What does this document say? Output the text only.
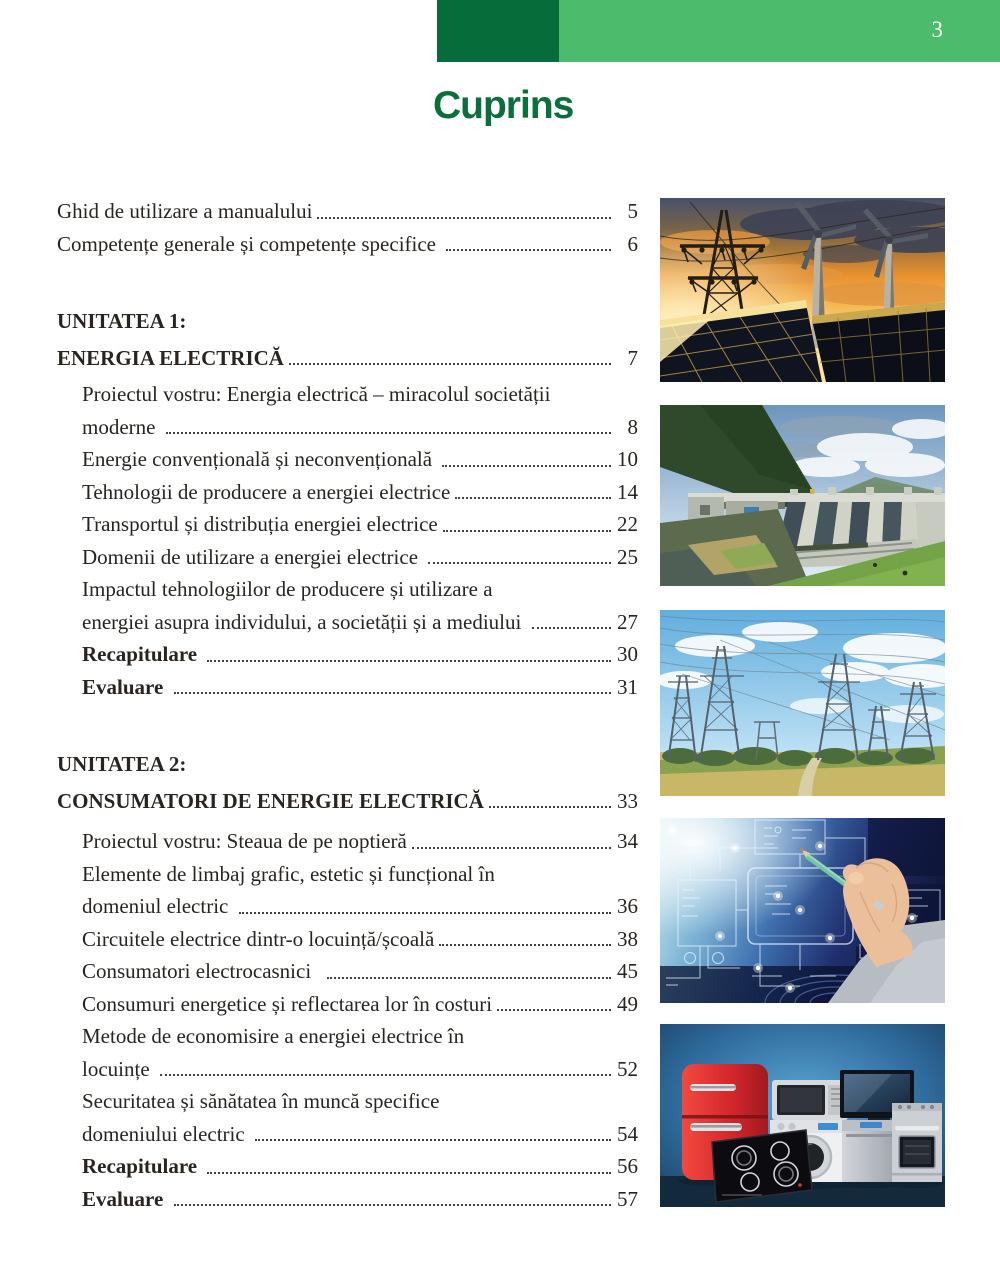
3
Cuprins
Ghid de utilizare a manualului	5
Competențe generale și competențe specifice	6
UNITATEA 1:
ENERGIA ELECTRICĂ	7
Proiectul vostru: Energia electrică – miracolul societății
moderne	8
Energie convențională și neconvențională	10
Tehnologii de producere a energiei electrice	14
Transportul și distribuția energiei electrice	22
Domenii de utilizare a energiei electrice	25
Impactul tehnologiilor de producere și utilizare a
energiei asupra individului, a societății și a mediului	27
Recapitulare	30
Evaluare	31
UNITATEA 2:
CONSUMATORI DE ENERGIE ELECTRICĂ	33
Proiectul vostru: Steaua de pe noptieră	34
Elemente de limbaj grafic, estetic și funcțional în
domeniul electric	36
Circuitele electrice dintr-o locuință/școală	38
Consumatori electrocasnici	45
Consumuri energetice și reflectarea lor în costuri	49
Metode de economisire a energiei electrice în
locuințe	52
Securitatea și sănătatea în muncă specifice
domeniului electric	54
Recapitulare	56
Evaluare	57
